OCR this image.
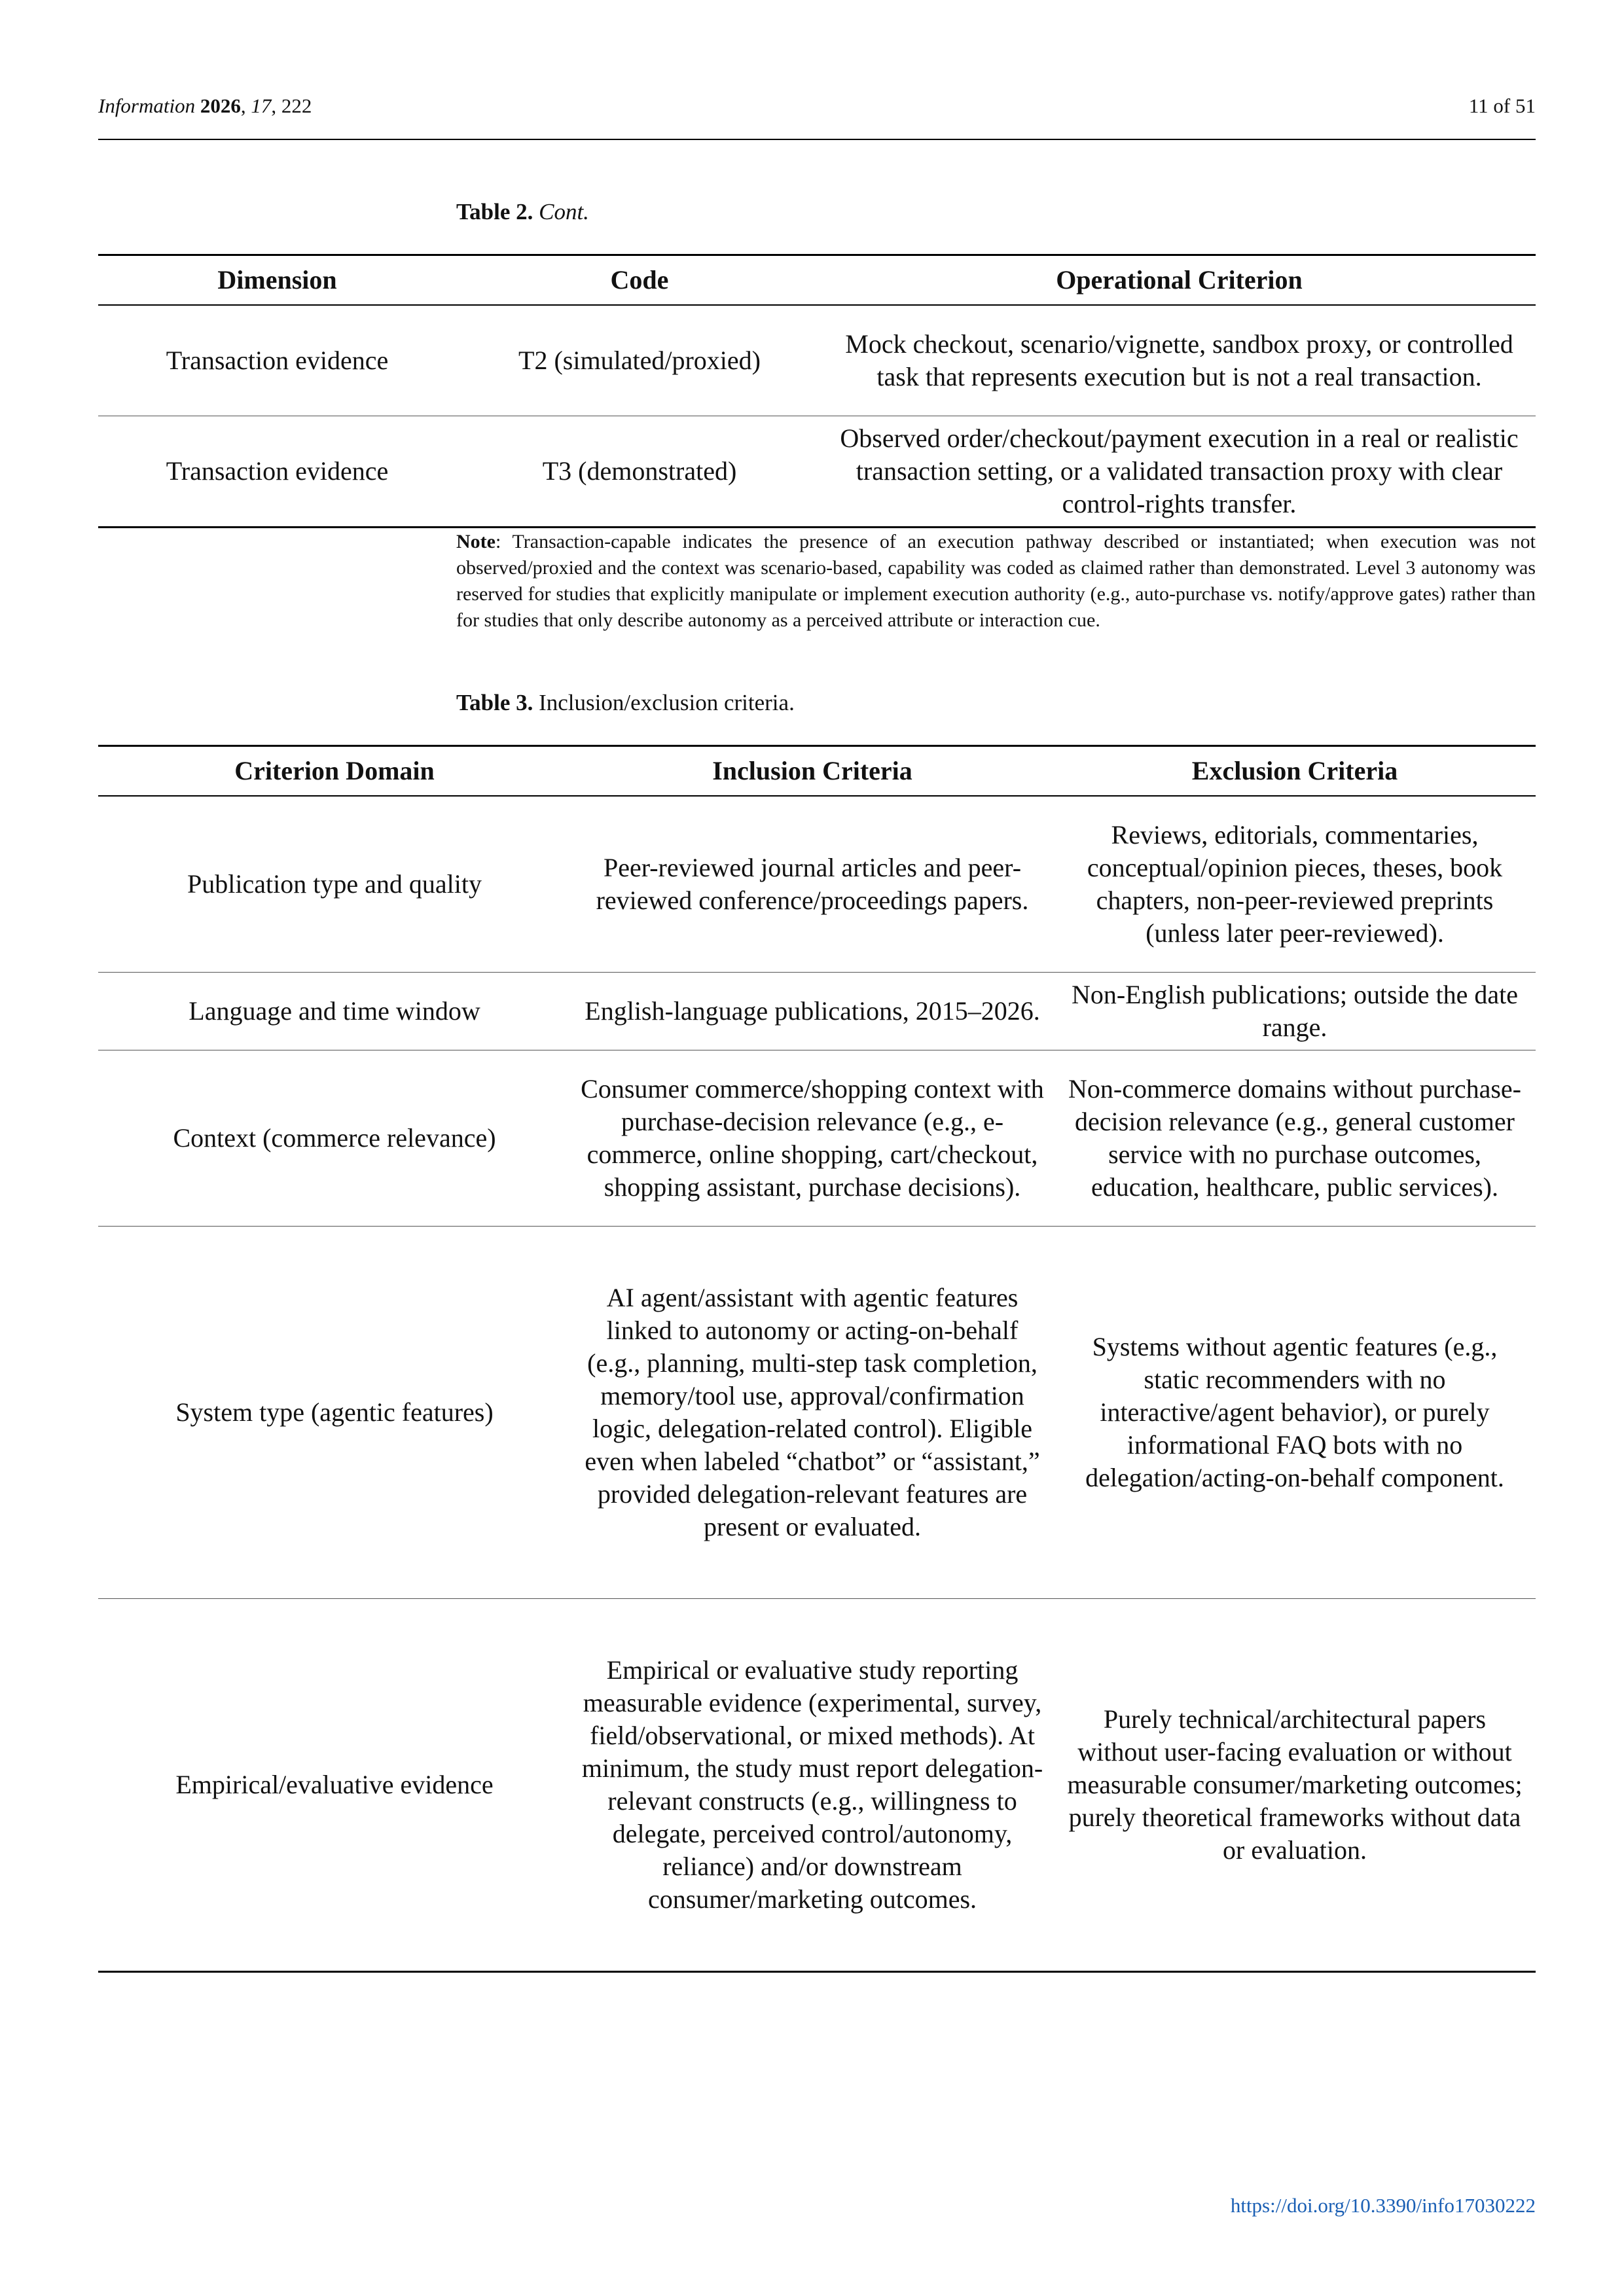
Information 2026, 17, 222	11 of 51
Table 2. Cont.
Dimension	Code	Operational Criterion
Transaction evidence	T2 (simulated/proxied)	Mock checkout, scenario/vignette, sandbox proxy, or controlled task that represents execution but is not a real transaction.
Transaction evidence	T3 (demonstrated)	Observed order/checkout/payment execution in a real or realistic transaction setting, or a validated transaction proxy with clear control-rights transfer.
Note: Transaction-capable indicates the presence of an execution pathway described or instantiated; when execution was not observed/proxied and the context was scenario-based, capability was coded as claimed rather than demonstrated. Level 3 autonomy was reserved for studies that explicitly manipulate or implement execution authority (e.g., auto-purchase vs. notify/approve gates) rather than for studies that only describe autonomy as a perceived attribute or interaction cue.
Table 3. Inclusion/exclusion criteria.
Criterion Domain	Inclusion Criteria	Exclusion Criteria
Publication type and quality	Peer-reviewed journal articles and peer-reviewed conference/proceedings papers.	Reviews, editorials, commentaries, conceptual/opinion pieces, theses, book chapters, non-peer-reviewed preprints (unless later peer-reviewed).
Language and time window	English-language publications, 2015–2026.	Non-English publications; outside the date range.
Context (commerce relevance)	Consumer commerce/shopping context with purchase-decision relevance (e.g., e-commerce, online shopping, cart/checkout, shopping assistant, purchase decisions).	Non-commerce domains without purchase-decision relevance (e.g., general customer service with no purchase outcomes, education, healthcare, public services).
System type (agentic features)	AI agent/assistant with agentic features linked to autonomy or acting-on-behalf (e.g., planning, multi-step task completion, memory/tool use, approval/confirmation logic, delegation-related control). Eligible even when labeled “chatbot” or “assistant,” provided delegation-relevant features are present or evaluated.	Systems without agentic features (e.g., static recommenders with no interactive/agent behavior), or purely informational FAQ bots with no delegation/acting-on-behalf component.
Empirical/evaluative evidence	Empirical or evaluative study reporting measurable evidence (experimental, survey, field/observational, or mixed methods). At minimum, the study must report delegation-relevant constructs (e.g., willingness to delegate, perceived control/autonomy, reliance) and/or downstream consumer/marketing outcomes.	Purely technical/architectural papers without user-facing evaluation or without measurable consumer/marketing outcomes; purely theoretical frameworks without data or evaluation.
https://doi.org/10.3390/info17030222
